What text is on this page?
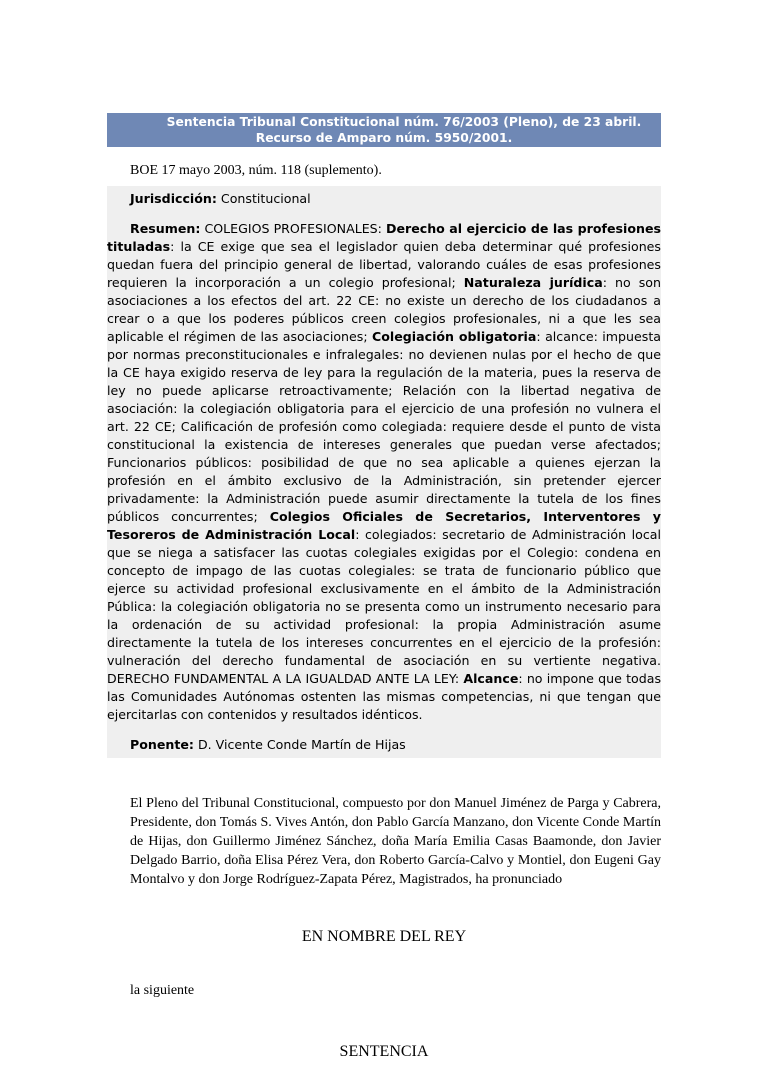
Sentencia Tribunal Constitucional núm. 76/2003 (Pleno), de 23 abril.
Recurso de Amparo núm. 5950/2001.
BOE 17 mayo 2003, núm. 118 (suplemento).
Jurisdicción: Constitucional

Resumen: COLEGIOS PROFESIONALES: Derecho al ejercicio de las profesiones tituladas: la CE exige que sea el legislador quien deba determinar qué profesiones quedan fuera del principio general de libertad, valorando cuáles de esas profesiones requieren la incorporación a un colegio profesional; Naturaleza jurídica: no son asociaciones a los efectos del art. 22 CE: no existe un derecho de los ciudadanos a crear o a que los poderes públicos creen colegios profesionales, ni a que les sea aplicable el régimen de las asociaciones; Colegiación obligatoria: alcance: impuesta por normas preconstitucionales e infralegales: no devienen nulas por el hecho de que la CE haya exigido reserva de ley para la regulación de la materia, pues la reserva de ley no puede aplicarse retroactivamente; Relación con la libertad negativa de asociación: la colegiación obligatoria para el ejercicio de una profesión no vulnera el art. 22 CE; Calificación de profesión como colegiada: requiere desde el punto de vista constitucional la existencia de intereses generales que puedan verse afectados; Funcionarios públicos: posibilidad de que no sea aplicable a quienes ejerzan la profesión en el ámbito exclusivo de la Administración, sin pretender ejercer privadamente: la Administración puede asumir directamente la tutela de los fines públicos concurrentes; Colegios Oficiales de Secretarios, Interventores y Tesoreros de Administración Local: colegiados: secretario de Administración local que se niega a satisfacer las cuotas colegiales exigidas por el Colegio: condena en concepto de impago de las cuotas colegiales: se trata de funcionario público que ejerce su actividad profesional exclusivamente en el ámbito de la Administración Pública: la colegiación obligatoria no se presenta como un instrumento necesario para la ordenación de su actividad profesional: la propia Administración asume directamente la tutela de los intereses concurrentes en el ejercicio de la profesión: vulneración del derecho fundamental de asociación en su vertiente negativa. DERECHO FUNDAMENTAL A LA IGUALDAD ANTE LA LEY: Alcance: no impone que todas las Comunidades Autónomas ostenten las mismas competencias, ni que tengan que ejercitarlas con contenidos y resultados idénticos.

Ponente: D. Vicente Conde Martín de Hijas

El Pleno del Tribunal Constitucional, compuesto por don Manuel Jiménez de Parga y Cabrera, Presidente, don Tomás S. Vives Antón, don Pablo García Manzano, don Vicente Conde Martín de Hijas, don Guillermo Jiménez Sánchez, doña María Emilia Casas Baamonde, don Javier Delgado Barrio, doña Elisa Pérez Vera, don Roberto García-Calvo y Montiel, don Eugeni Gay Montalvo y don Jorge Rodríguez-Zapata Pérez, Magistrados, ha pronunciado
EN NOMBRE DEL REY
la siguiente
SENTENCIA
